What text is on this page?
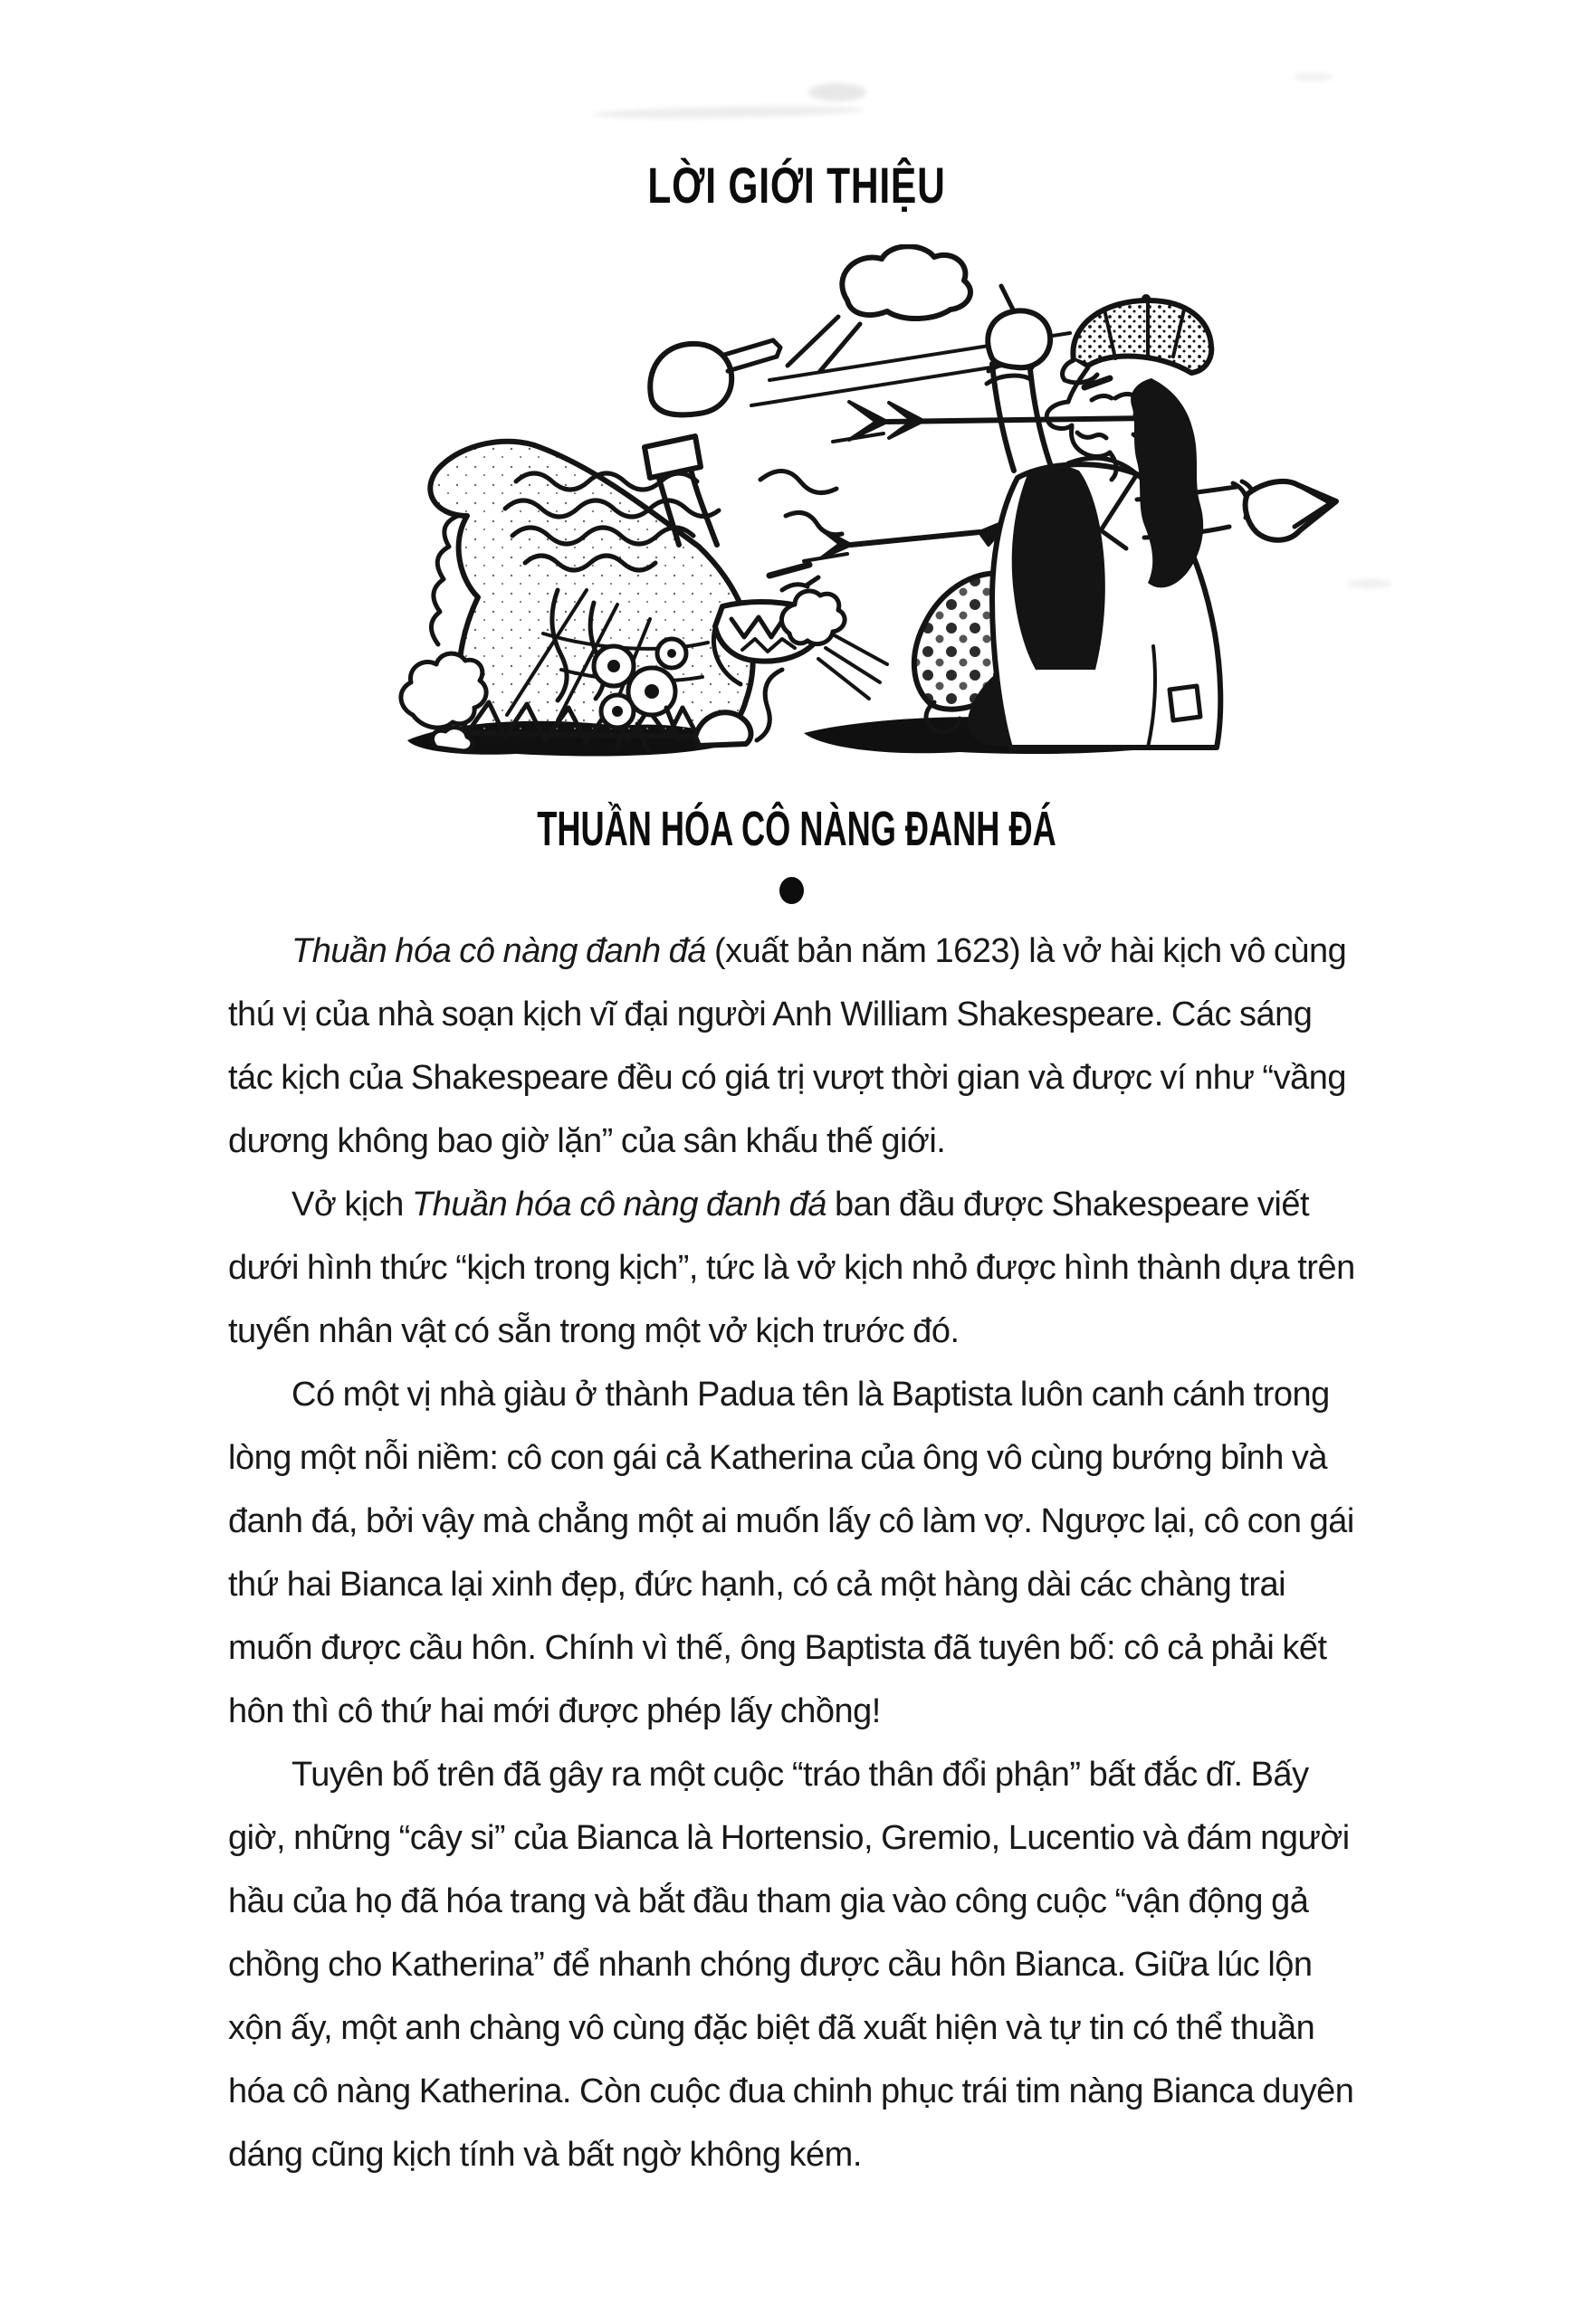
LỜI GIỚI THIỆU
THUẦN HÓA CÔ NÀNG ĐANH ĐÁ

Thuần hóa cô nàng đanh đá (xuất bản năm 1623) là vở hài kịch vô cùng thú vị của nhà soạn kịch vĩ đại người Anh William Shakespeare. Các sáng tác kịch của Shakespeare đều có giá trị vượt thời gian và được ví như “vầng dương không bao giờ lặn” của sân khấu thế giới.

Vở kịch Thuần hóa cô nàng đanh đá ban đầu được Shakespeare viết dưới hình thức “kịch trong kịch”, tức là vở kịch nhỏ được hình thành dựa trên tuyến nhân vật có sẵn trong một vở kịch trước đó.

Có một vị nhà giàu ở thành Padua tên là Baptista luôn canh cánh trong lòng một nỗi niềm: cô con gái cả Katherina của ông vô cùng bướng bỉnh và đanh đá, bởi vậy mà chẳng một ai muốn lấy cô làm vợ. Ngược lại, cô con gái thứ hai Bianca lại xinh đẹp, đức hạnh, có cả một hàng dài các chàng trai muốn được cầu hôn. Chính vì thế, ông Baptista đã tuyên bố: cô cả phải kết hôn thì cô thứ hai mới được phép lấy chồng!

Tuyên bố trên đã gây ra một cuộc “tráo thân đổi phận” bất đắc dĩ. Bấy giờ, những “cây si” của Bianca là Hortensio, Gremio, Lucentio và đám người hầu của họ đã hóa trang và bắt đầu tham gia vào công cuộc “vận động gả chồng cho Katherina” để nhanh chóng được cầu hôn Bianca. Giữa lúc lộn xộn ấy, một anh chàng vô cùng đặc biệt đã xuất hiện và tự tin có thể thuần hóa cô nàng Katherina. Còn cuộc đua chinh phục trái tim nàng Bianca duyên dáng cũng kịch tính và bất ngờ không kém.
